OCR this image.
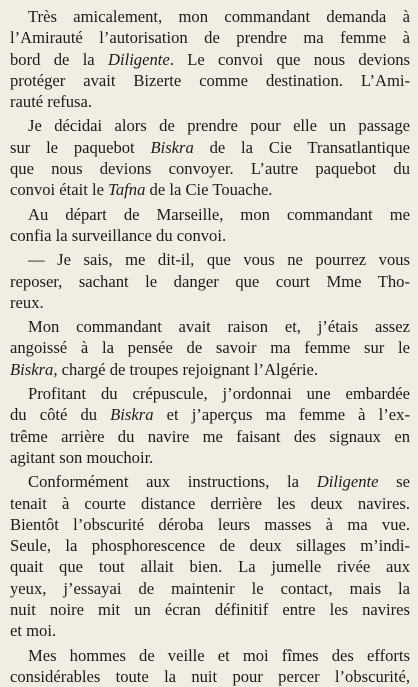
Très amicalement, mon commandant demanda à
l’Amirauté l’autorisation de prendre ma femme à
bord de la Diligente. Le convoi que nous devions
protéger avait Bizerte comme destination. L’Ami-
rauté refusa.

Je décidai alors de prendre pour elle un passage
sur le paquebot Biskra de la Cie Transatlantique
que nous devions convoyer. L’autre paquebot du
convoi était le Tafna de la Cie Touache.

Au départ de Marseille, mon commandant me
confia la surveillance du convoi.

— Je sais, me dit-il, que vous ne pourrez vous
reposer, sachant le danger que court Mme Tho-
reux.

Mon commandant avait raison et, j’étais assez
angoissé à la pensée de savoir ma femme sur le
Biskra, chargé de troupes rejoignant l’Algérie.

Profitant du crépuscule, j’ordonnai une embardée
du côté du Biskra et j’aperçus ma femme à l’ex-
trême arrière du navire me faisant des signaux en
agitant son mouchoir.

Conformément aux instructions, la Diligente se
tenait à courte distance derrière les deux navires.
Bientôt l’obscurité déroba leurs masses à ma vue.
Seule, la phosphorescence de deux sillages m’indi-
quait que tout allait bien. La jumelle rivée aux
yeux, j’essayai de maintenir le contact, mais la
nuit noire mit un écran définitif entre les navires
et moi.

Mes hommes de veille et moi fîmes des efforts
considérables toute la nuit pour percer l’obscurité,
